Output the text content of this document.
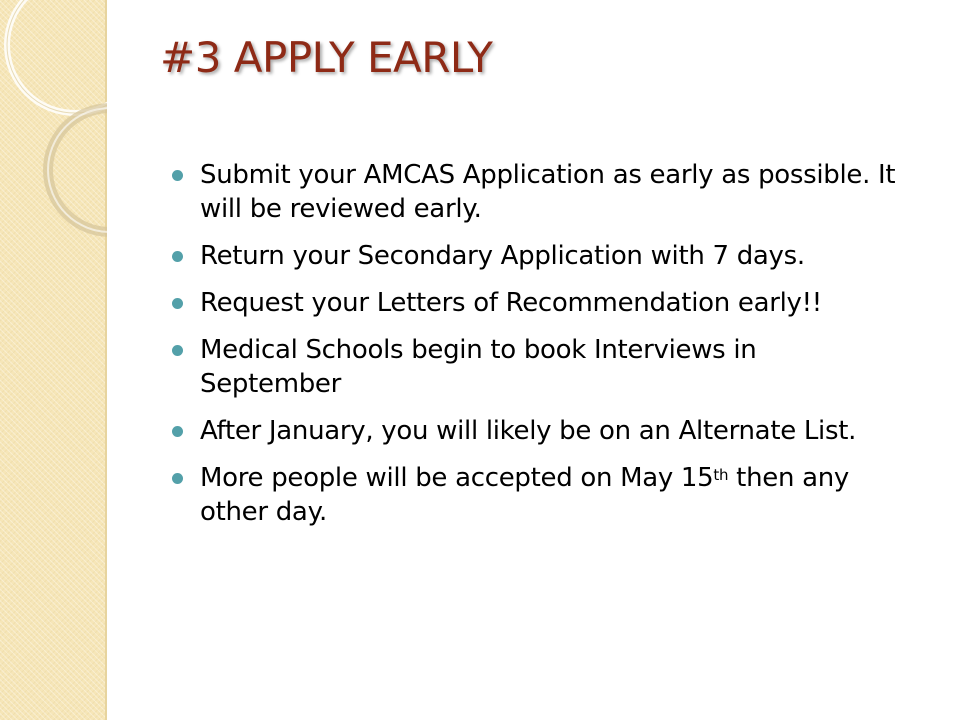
#3 APPLY EARLY
Submit your AMCAS Application as early as possible. It will be reviewed early.
Return your Secondary Application with 7 days.
Request your Letters of Recommendation early!!
Medical Schools begin to book Interviews in September
After January, you will likely be on an Alternate List.
More people will be accepted on May 15th then any other day.
